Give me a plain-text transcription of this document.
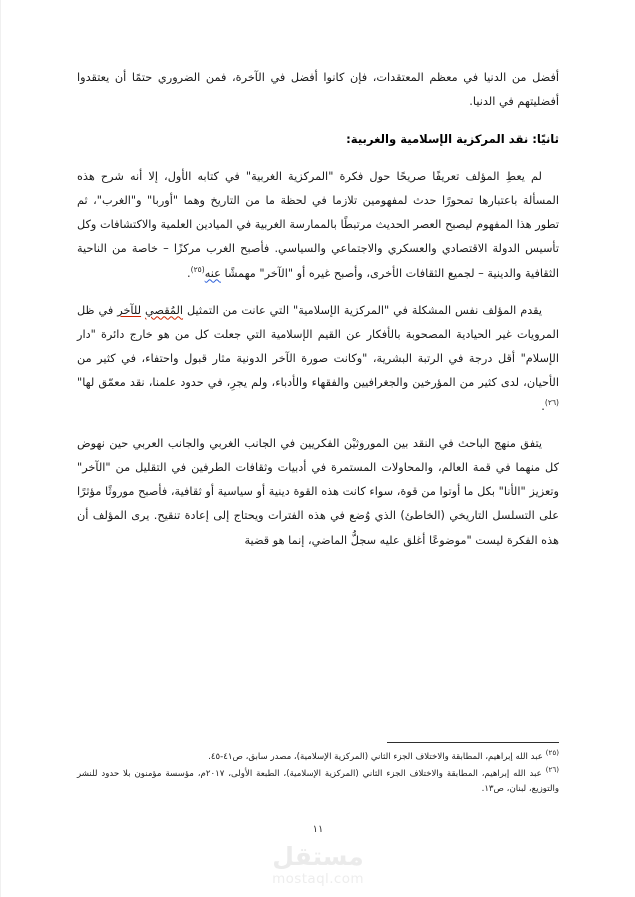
أفضل من الدنيا في معظم المعتقدات، فإن كانوا أفضل في الآخرة، فمن الضروري حتمًا أن يعتقدوا أفضليتهم في الدنيا.

ثانيًا: نقد المركزية الإسلامية والغربية:

لم يعطِ المؤلف تعريفًا صريحًا حول فكرة "المركزية الغربية" في كتابه الأول، إلا أنه شرح هذه المسألة باعتبارها تمحورًا حدث لمفهومين تلازما في لحظة ما من التاريخ وهما "أوربا" و"الغرب"، ثم تطور هذا المفهوم ليصبح العصر الحديث مرتبطًا بالممارسة الغربية في الميادين العلمية والاكتشافات وكل تأسيس الدولة الاقتصادي والعسكري والاجتماعي والسياسي. فأصبح الغرب مركزًا – خاصة من الناحية الثقافية والدينية – لجميع الثقافات الأخرى، وأصبح غيره أو "الآخر" مهمشًا عنه$^{(٢٥)}$.

يقدم المؤلف نفس المشكلة في "المركزية الإسلامية" التي عانت من التمثيل المُقصي للآخر في ظل المرويات غير الحيادية المصحوبة بالأفكار عن القيم الإسلامية التي جعلت كل من هو خارج دائرة "دار الإسلام" أقل درجة في الرتبة البشرية، "وكانت صورة الآخر الدونية مثار قبول واحتفاء، في كثير من الأحيان، لدى كثير من المؤرخين والجغرافيين والفقهاء والأدباء، ولم يجرِ، في حدود علمنا، نقد معمّق لها"$^{(٢٦)}$.

يتفق منهج الباحث في النقد بين الموروثيْن الفكريين في الجانب الغربي والجانب العربي حين نهوض كل منهما في قمة العالم، والمحاولات المستمرة في أدبيات وثقافات الطرفين في التقليل من "الآخر" وتعزيز "الأنا" بكل ما أوتوا من قوة، سواء كانت هذه القوة دينية أو سياسية أو ثقافية، فأصبح موروثًا مؤثرًا على التسلسل التاريخي (الخاطئ) الذي وُضع في هذه الفترات ويحتاج إلى إعادة تنقيح. يرى المؤلف أن هذه الفكرة ليست "موضوعًا أغلق عليه سجلُّ الماضي، إنما هو قضية

$^{(٢٥)}$ عبد الله إبراهيم، المطابقة والاختلاف الجزء الثاني (المركزية الإسلامية)، مصدر سابق، ص٤١-٤٥.

$^{(٢٦)}$ عبد الله إبراهيم، المطابقة والاختلاف الجزء الثاني (المركزية الإسلامية)، الطبعة الأولى، ٢٠١٧م، مؤسسة مؤمنون بلا حدود للنشر والتوزيع، لبنان، ص١٣.

١١
مستقل
mostaql.com
